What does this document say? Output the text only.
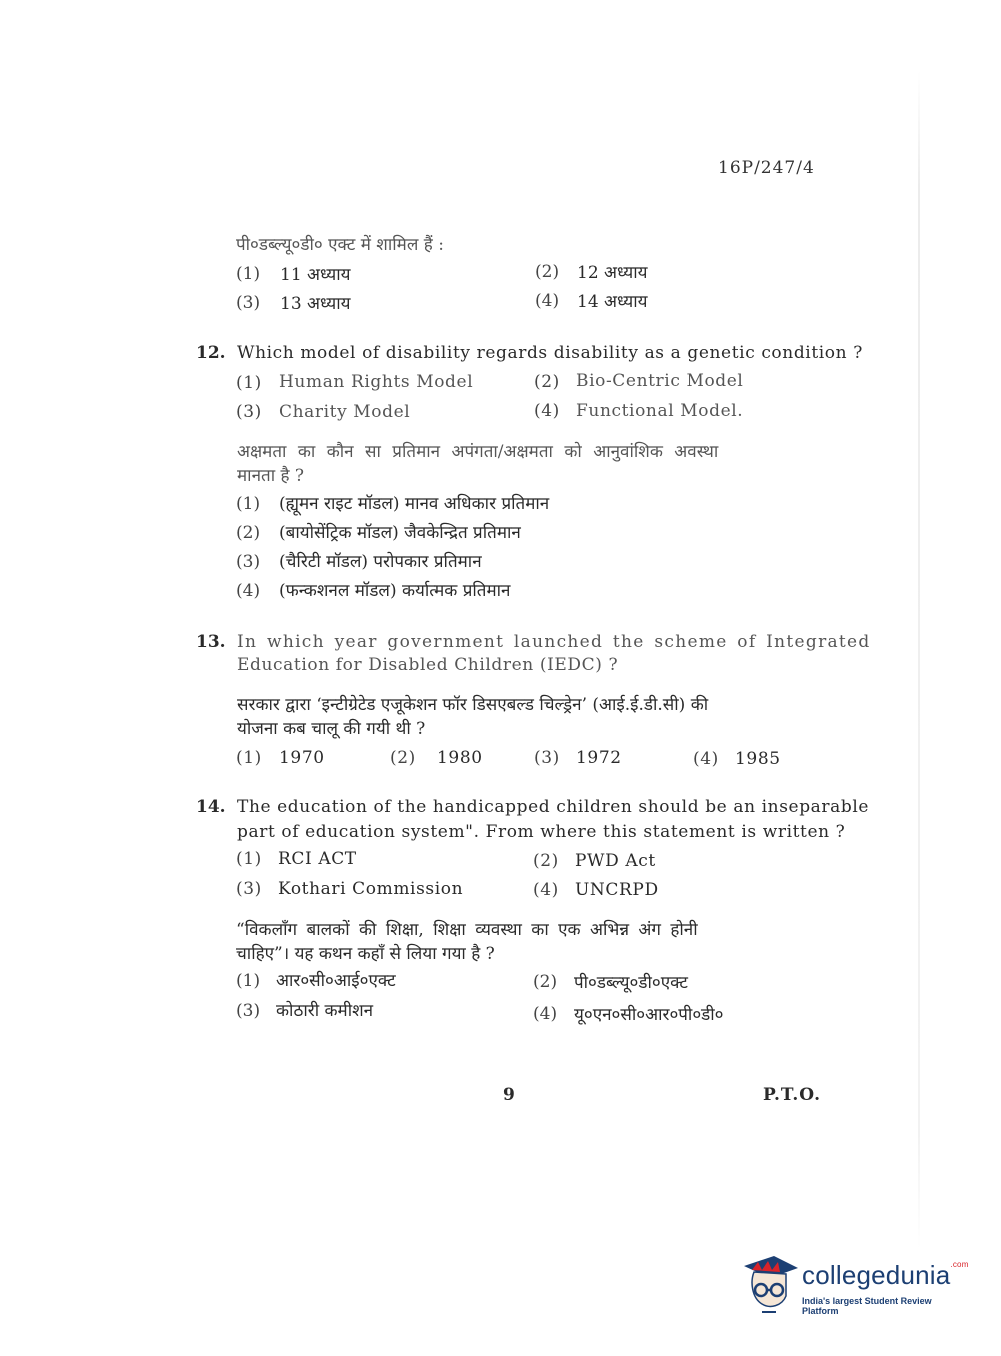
16P/247/4
पी०डब्ल्यू०डी० एक्ट में शामिल हैं :
(1) 11 अध्याय	(2) 12 अध्याय
(3) 13 अध्याय	(4) 14 अध्याय
12. Which model of disability regards disability as a genetic condition ?
(1) Human Rights Model	(2) Bio-Centric Model
(3) Charity Model	(4) Functional Model.
अक्षमता का कौन सा प्रतिमान अपंगता/अक्षमता को आनुवांशिक अवस्था
मानता है ?
(1) (ह्यूमन राइट मॉडल) मानव अधिकार प्रतिमान
(2) (बायोसेंट्रिक मॉडल) जैवकेन्द्रित प्रतिमान
(3) (चैरिटी मॉडल) परोपकार प्रतिमान
(4) (फन्कशनल मॉडल) कर्यात्मक प्रतिमान
13. In which year government launched the scheme of Integrated
Education for Disabled Children (IEDC) ?
सरकार द्वारा ‘इन्टीग्रेटेड एजूकेशन फॉर डिसएबल्ड चिल्ड्रेन’ (आई.ई.डी.सी) की
योजना कब चालू की गयी थी ?
(1) 1970	(2) 1980	(3) 1972	(4) 1985
14. The education of the handicapped children should be an inseparable
part of education system". From where this statement is written ?
(1) RCI ACT	(2) PWD Act
(3) Kothari Commission	(4) UNCRPD
“विकलाँग बालकों की शिक्षा, शिक्षा व्यवस्था का एक अभिन्न अंग होनी
चाहिए”। यह कथन कहाँ से लिया गया है ?
(1) आर०सी०आई०एक्ट	(2) पी०डब्ल्यू०डी०एक्ट
(3) कोठारी कमीशन	(4) यू०एन०सी०आर०पी०डी०
9	P.T.O.
collegedunia$^{.com}$
India's largest Student Review Platform
